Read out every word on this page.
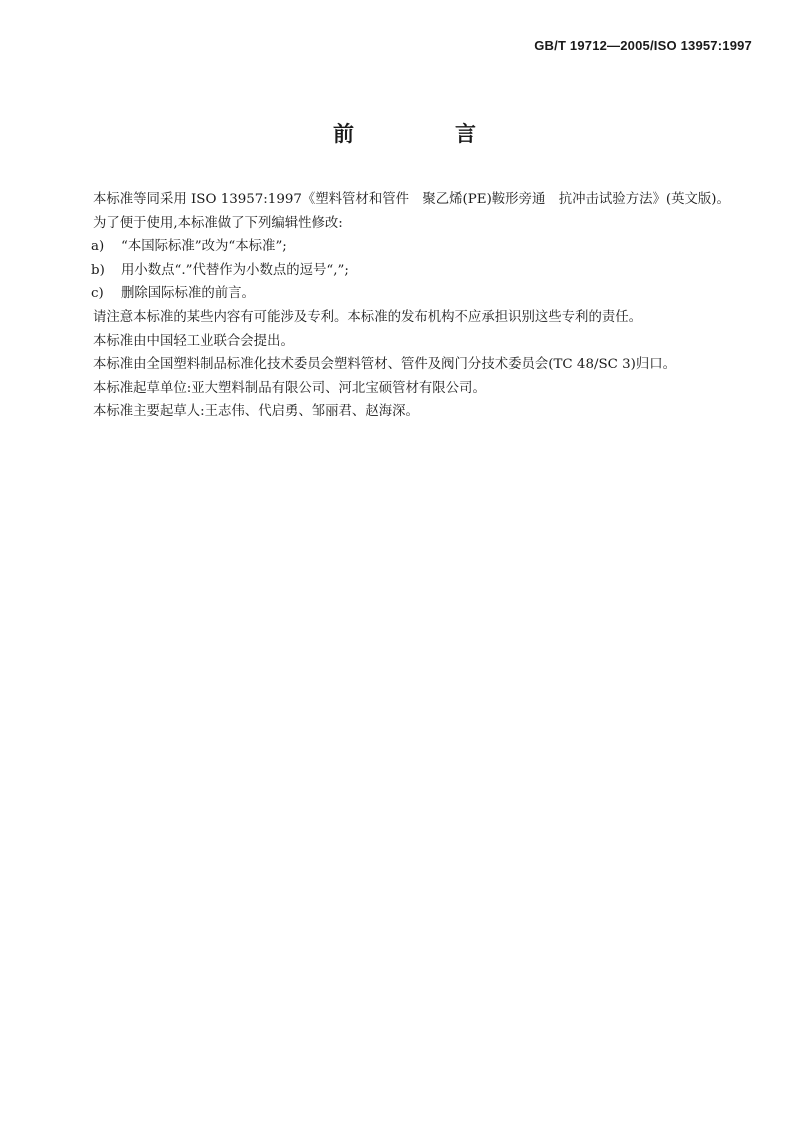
GB/T 19712—2005/ISO 13957:1997
前　言

本标准等同采用 ISO 13957:1997《塑料管材和管件　聚乙烯(PE)鞍形旁通　抗冲击试验方法》(英文版)。

为了便于使用,本标准做了下列编辑性修改:

a) “本国际标准”改为“本标准”;
b) 用小数点“.”代替作为小数点的逗号“,”;
c) 删除国际标准的前言。

请注意本标准的某些内容有可能涉及专利。本标准的发布机构不应承担识别这些专利的责任。

本标准由中国轻工业联合会提出。

本标准由全国塑料制品标准化技术委员会塑料管材、管件及阀门分技术委员会(TC 48/SC 3)归口。

本标准起草单位:亚大塑料制品有限公司、河北宝硕管材有限公司。

本标准主要起草人:王志伟、代启勇、邹丽君、赵海深。
